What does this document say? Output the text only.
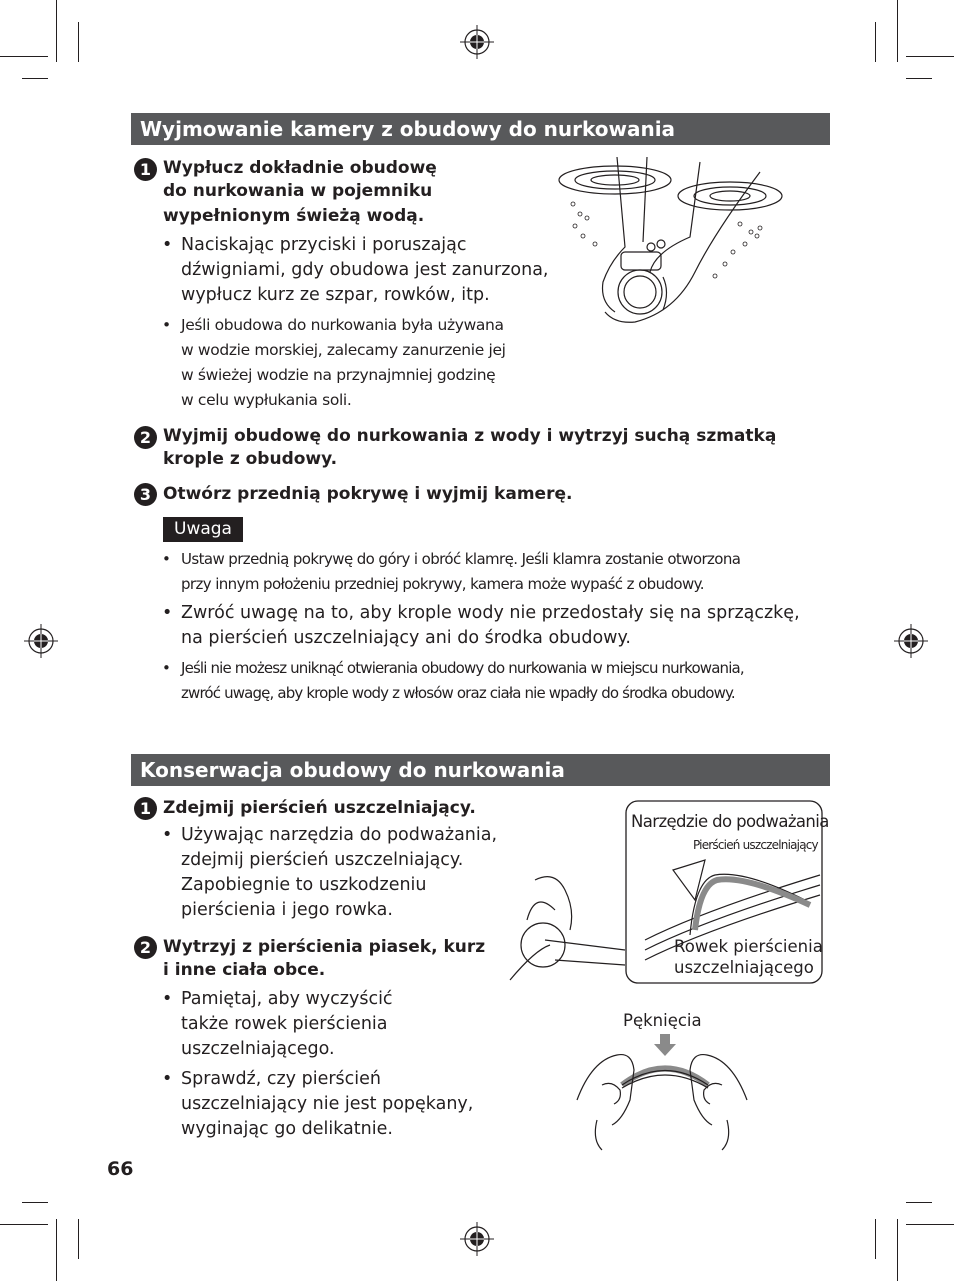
Wyjmowanie kamery z obudowy do nurkowania
1 Wypłucz dokładnie obudowę
do nurkowania w pojemniku
wypełnionym świeżą wodą.
• Naciskając przyciski i poruszając
dźwigniami, gdy obudowa jest zanurzona,
wypłucz kurz ze szpar, rowków, itp.
• Jeśli obudowa do nurkowania była używana
w wodzie morskiej, zalecamy zanurzenie jej
w świeżej wodzie na przynajmniej godzinę
w celu wypłukania soli.
2 Wyjmij obudowę do nurkowania z wody i wytrzyj suchą szmatką
krople z obudowy.
3 Otwórz przednią pokrywę i wyjmij kamerę.
Uwaga
• Ustaw przednią pokrywę do góry i obróć klamrę. Jeśli klamra zostanie otworzona
przy innym położeniu przedniej pokrywy, kamera może wypaść z obudowy.
• Zwróć uwagę na to, aby krople wody nie przedostały się na sprzączkę,
na pierścień uszczelniający ani do środka obudowy.
• Jeśli nie możesz uniknąć otwierania obudowy do nurkowania w miejscu nurkowania,
zwróć uwagę, aby krople wody z włosów oraz ciała nie wpadły do środka obudowy.
Konserwacja obudowy do nurkowania
1 Zdejmij pierścień uszczelniający.
• Używając narzędzia do podważania,
zdejmij pierścień uszczelniający.
Zapobiegnie to uszkodzeniu
pierścienia i jego rowka.
2 Wytrzyj z pierścienia piasek, kurz
i inne ciała obce.
• Pamiętaj, aby wyczyścić
także rowek pierścienia
uszczelniającego.
• Sprawdź, czy pierścień
uszczelniający nie jest popękany,
wyginając go delikatnie.
Narzędzie do podważania
Pierścień uszczelniający
Rowek pierścienia
uszczelniającego
Pęknięcia
66
